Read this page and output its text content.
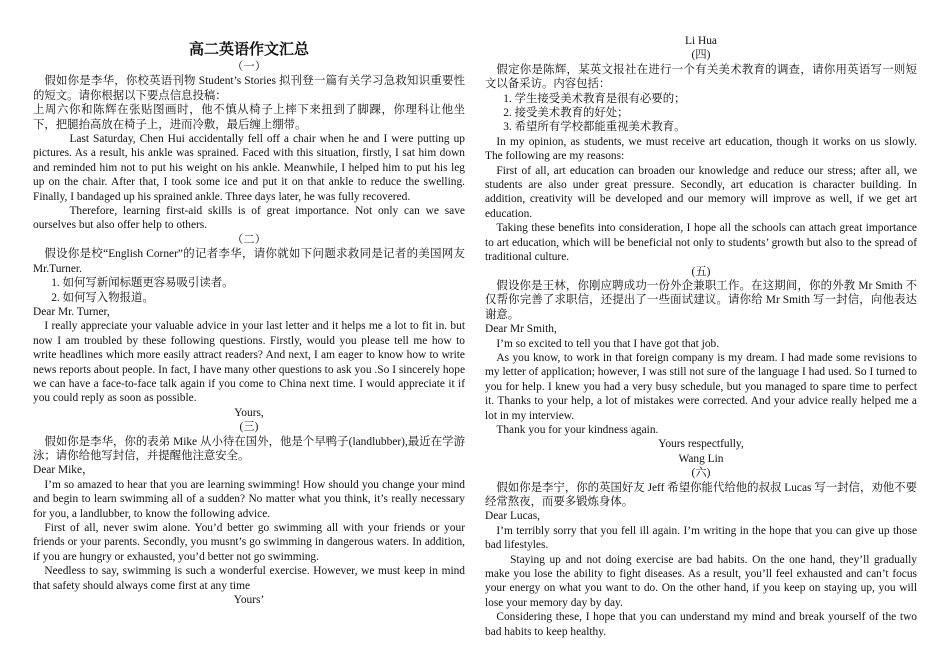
高二英语作文汇总

（一）

假如你是李华，你校英语刊物 Student’s Stories 拟刊登一篇有关学习急救知识重要性的短文。请你根据以下要点信息投稿：

上周六你和陈辉在张贴图画时，他不慎从椅子上摔下来扭到了脚踝，你理科让他坐下，把腿抬高放在椅子上，进而冷敷，最后缠上绷带。

Last Saturday, Chen Hui accidentally fell off a chair when he and I were putting up pictures. As a result, his ankle was sprained. Faced with this situation, firstly, I sat him down and reminded him not to put his weight on his ankle. Meanwhile, I helped him to put his leg up on the chair. After that, I took some ice and put it on that ankle to reduce the swelling. Finally, I bandaged up his sprained ankle. Three days later, he was fully recovered.

Therefore, learning first-aid skills is of great importance. Not only can we save ourselves but also offer help to others.

（二）

假设你是校“English Corner”的记者李华，请你就如下问题求救同是记者的美国网友 Mr.Turner.

1. 如何写新闻标题更容易吸引读者。

2. 如何写入物报道。

Dear Mr. Turner,

I really appreciate your valuable advice in your last letter and it helps me a lot to fit in. but now I am troubled by these following questions. Firstly, would you please tell me how to write headlines which more easily attract readers? And next, I am eager to know how to write news reports about people. In fact, I have many other questions to ask you .So I sincerely hope we can have a face-to-face talk again if you come to China next time. I would appreciate it if you could reply as soon as possible.

Yours,

(三)

假如你是李华，你的表弟 Mike 从小待在国外，他是个早鸭子(landlubber),最近在学游泳；请你给他写封信，并提醒他注意安全。

Dear Mike，

I’m so amazed to hear that you are learning swimming! How should you change your mind and begin to learn swimming all of a sudden? No matter what you think, it’s really necessary for you, a landlubber, to know the following advice.

First of all, never swim alone. You’d better go swimming all with your friends or your friends or your parents. Secondly, you musnt’s go swimming in dangerous waters. In addition, if you are hungry or exhausted, you’d better not go swimming.

Needless to say, swimming is such a wonderful exercise. However, we must keep in mind that safety should always come first at any time

Yours’

Li Hua

(四)

假定你是陈辉，某英文报社在进行一个有关美术教育的调查，请你用英语写一则短文以备采访。内容包括：

1. 学生接受美术教育是很有必要的；

2. 接受美术教育的好处；

3. 希望所有学校都能重视美术教育。

In my opinion, as students, we must receive art education, though it works on us slowly. The following are my reasons:

First of all, art education can broaden our knowledge and reduce our stress; after all, we students are also under great pressure. Secondly, art education is character building. In addition, creativity will be developed and our memory will improve as well, if we get art education.

Taking these benefits into consideration, I hope all the schools can attach great importance to art education, which will be beneficial not only to students’ growth but also to the spread of traditional culture.

(五)

假设你是王林，你刚应聘成功一份外企兼职工作。在这期间，你的外教 Mr Smith 不仅帮你完善了求职信，还提出了一些面试建议。请你给 Mr Smith 写一封信，向他表达谢意。

Dear Mr Smith,

I’m so excited to tell you that I have got that job.

As you know, to work in that foreign company is my dream. I had made some revisions to my letter of application; however, I was still not sure of the language I had used. So I turned to you for help. I knew you had a very busy schedule, but you managed to spare time to perfect it. Thanks to your help, a lot of mistakes were corrected. And your advice really helped me a lot in my interview.

Thank you for your kindness again.

Yours respectfully,

Wang Lin

(六)

假如你是李宁，你的英国好友 Jeff 希望你能代给他的叔叔 Lucas 写一封信，劝他不要经常熬夜，而要多锻炼身体。

Dear Lucas,

I’m terribly sorry that you fell ill again. I’m writing in the hope that you can give up those bad lifestyles.

Staying up and not doing exercise are bad habits. On the one hand, they’ll gradually make you lose the ability to fight diseases. As a result, you’ll feel exhausted and can’t focus your energy on what you want to do. On the other hand, if you keep on staying up, you will lose your memory day by day.

Considering these, I hope that you can understand my mind and break yourself of the two bad habits to keep healthy.
